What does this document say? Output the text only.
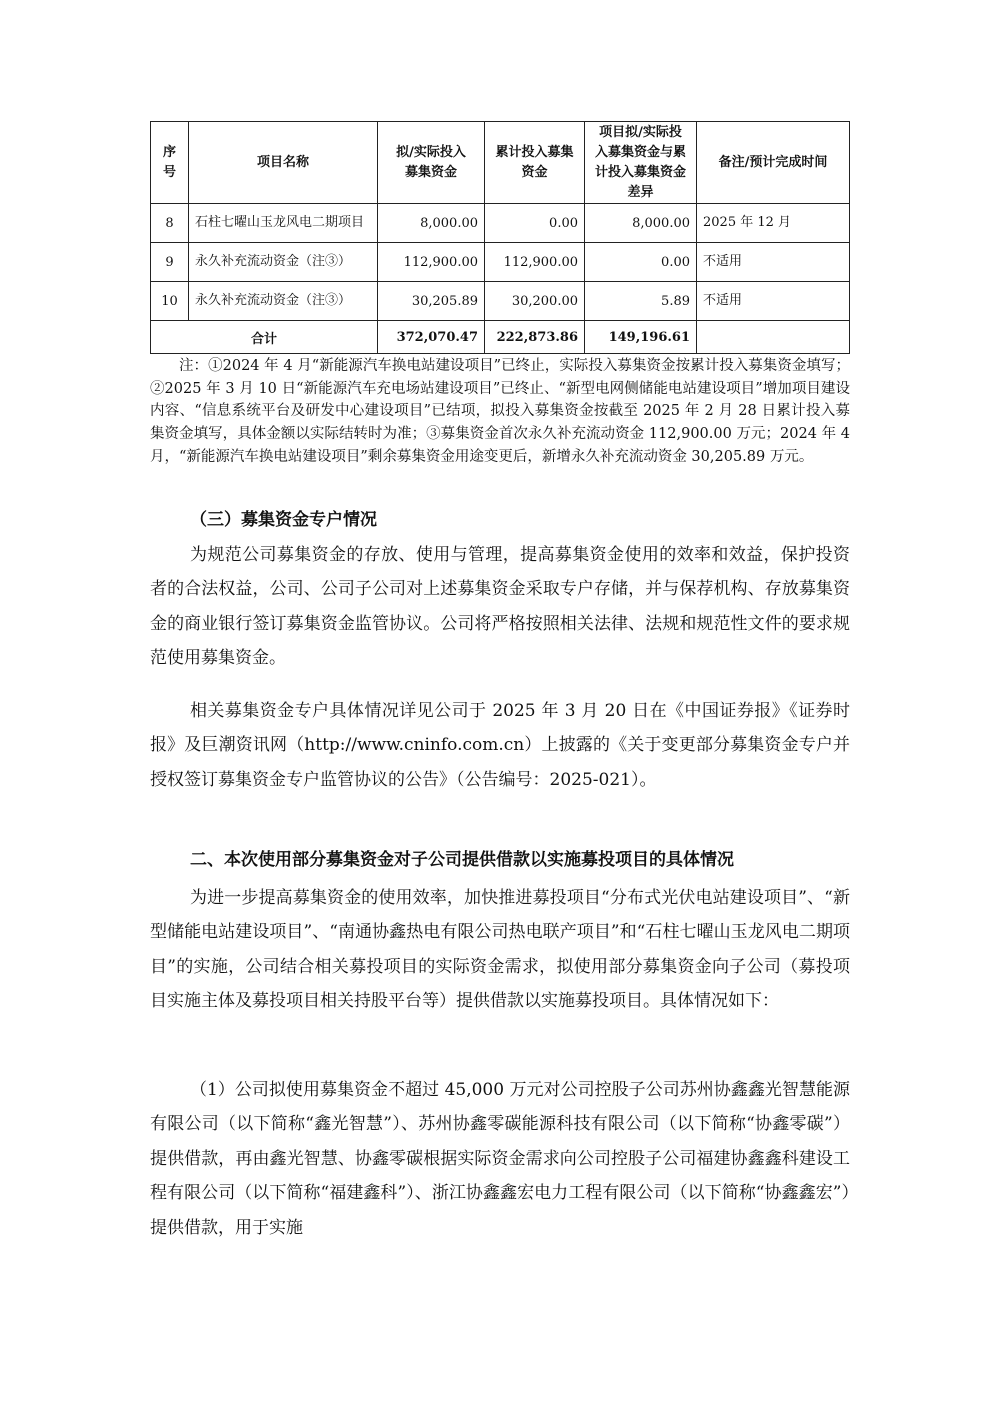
序号	项目名称	拟/实际投入募集资金	累计投入募集资金	项目拟/实际投入募集资金与累计投入募集资金差异	备注/预计完成时间
8	石柱七曜山玉龙风电二期项目	8,000.00	0.00	8,000.00	2025 年 12 月
9	永久补充流动资金（注③）	112,900.00	112,900.00	0.00	不适用
10	永久补充流动资金（注③）	30,205.89	30,200.00	5.89	不适用
合计		372,070.47	222,873.86	149,196.61	

注：①2024 年 4 月“新能源汽车换电站建设项目”已终止，实际投入募集资金按累计投入募集资金填写；②2025 年 3 月 10 日“新能源汽车充电场站建设项目”已终止、“新型电网侧储能电站建设项目”增加项目建设内容、“信息系统平台及研发中心建设项目”已结项，拟投入募集资金按截至 2025 年 2 月 28 日累计投入募集资金填写，具体金额以实际结转时为准；③募集资金首次永久补充流动资金 112,900.00 万元；2024 年 4 月，“新能源汽车换电站建设项目”剩余募集资金用途变更后，新增永久补充流动资金 30,205.89 万元。

（三）募集资金专户情况

为规范公司募集资金的存放、使用与管理，提高募集资金使用的效率和效益，保护投资者的合法权益，公司、公司子公司对上述募集资金采取专户存储，并与保荐机构、存放募集资金的商业银行签订募集资金监管协议。公司将严格按照相关法律、法规和规范性文件的要求规范使用募集资金。

相关募集资金专户具体情况详见公司于 2025 年 3 月 20 日在《中国证券报》《证券时报》及巨潮资讯网（http://www.cninfo.com.cn）上披露的《关于变更部分募集资金专户并授权签订募集资金专户监管协议的公告》（公告编号：2025-021）。

二、本次使用部分募集资金对子公司提供借款以实施募投项目的具体情况

为进一步提高募集资金的使用效率，加快推进募投项目“分布式光伏电站建设项目”、“新型储能电站建设项目”、“南通协鑫热电有限公司热电联产项目”和“石柱七曜山玉龙风电二期项目”的实施，公司结合相关募投项目的实际资金需求，拟使用部分募集资金向子公司（募投项目实施主体及募投项目相关持股平台等）提供借款以实施募投项目。具体情况如下：

（1）公司拟使用募集资金不超过 45,000 万元对公司控股子公司苏州协鑫鑫光智慧能源有限公司（以下简称“鑫光智慧”）、苏州协鑫零碳能源科技有限公司（以下简称“协鑫零碳”）提供借款，再由鑫光智慧、协鑫零碳根据实际资金需求向公司控股子公司福建协鑫鑫科建设工程有限公司（以下简称“福建鑫科”）、浙江协鑫鑫宏电力工程有限公司（以下简称“协鑫鑫宏”）提供借款，用于实施
